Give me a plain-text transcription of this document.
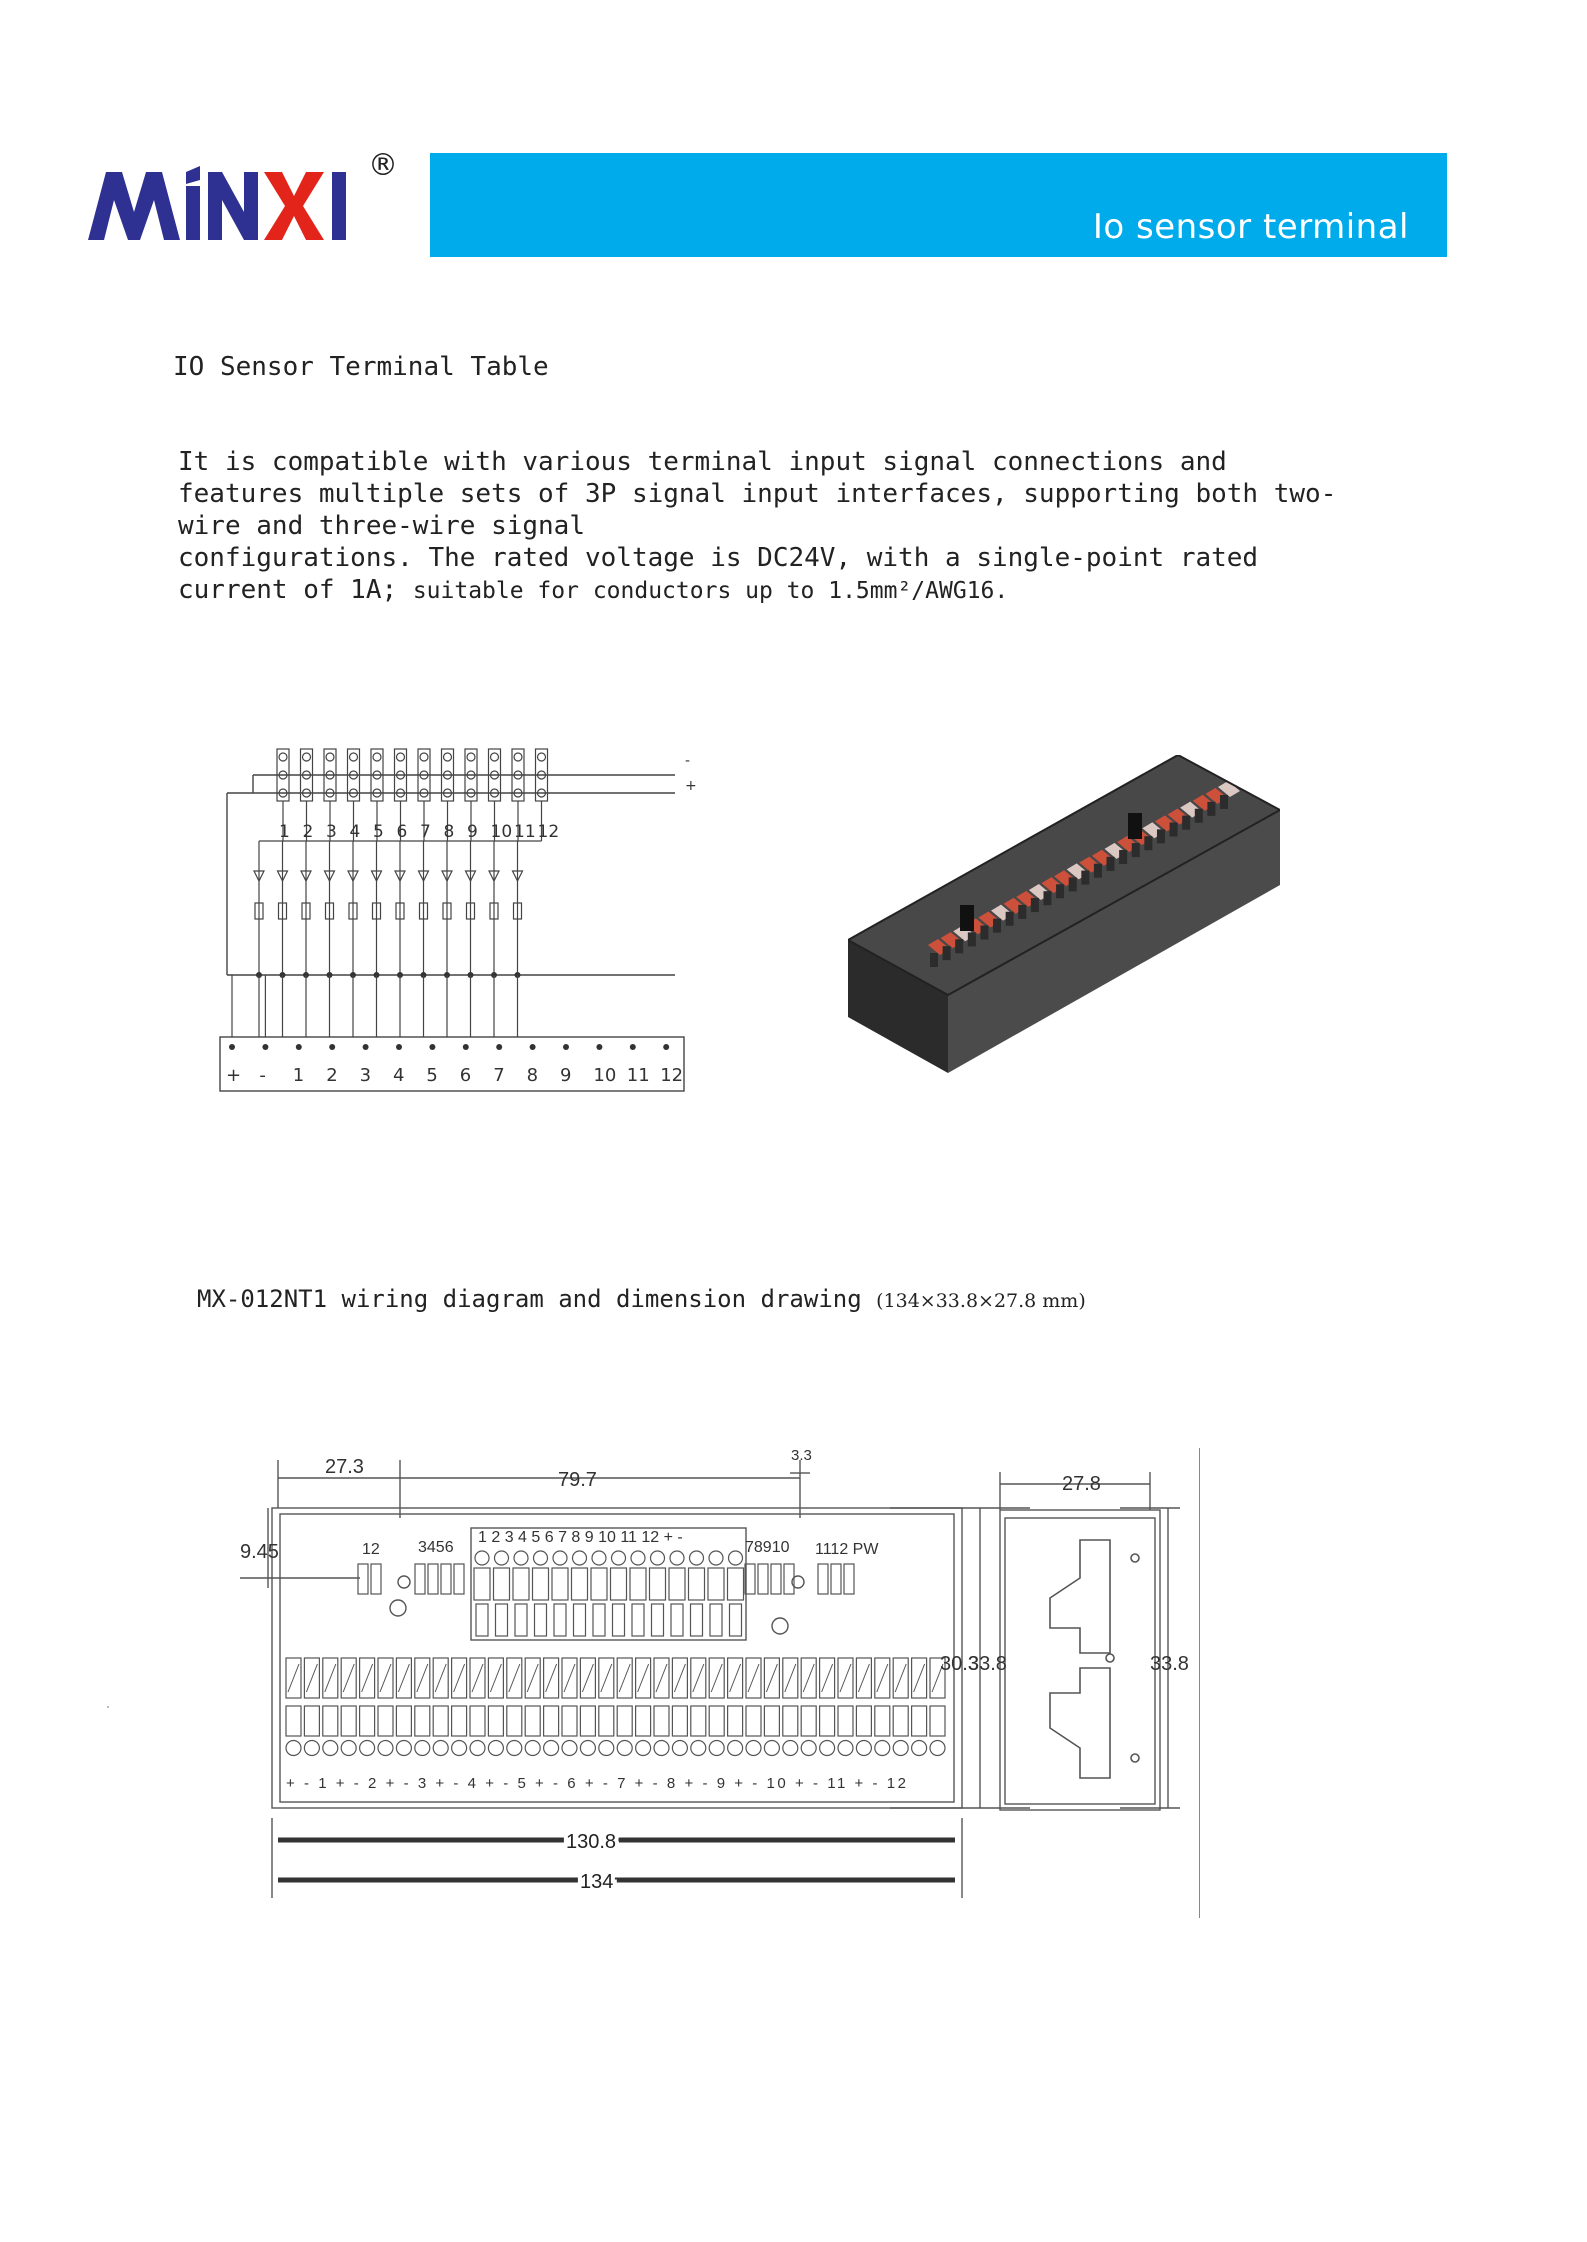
®
Io sensor terminal
IO Sensor Terminal Table
It is compatible with various terminal input signal connections and
features multiple sets of 3P signal input interfaces, supporting both two-
wire and three-wire signal
configurations. The rated voltage is DC24V, with a single-point rated
current of 1A; suitable for conductors up to 1.5mm²/AWG16.
1 2 3 4 5 6 7 8 9 10 11 12
-
+
+ - 1 2 3 4 5 6 7 8 9 10 11 12
MX-012NT1 wiring diagram and dimension drawing (134×33.8×27.8 mm)
27.3
79.7
3.3
9.45
27.8
30.3
33.8	33.8
130.8
134
12 3456
1 2 3 4 5 6 7 8 9 10 11 12 + -
78910 1112 PW
+ - 1 + - 2 + - 3 + - 4 + - 5 + - 6 + - 7 + - 8 + - 9 + - 10 + - 11 + - 12
